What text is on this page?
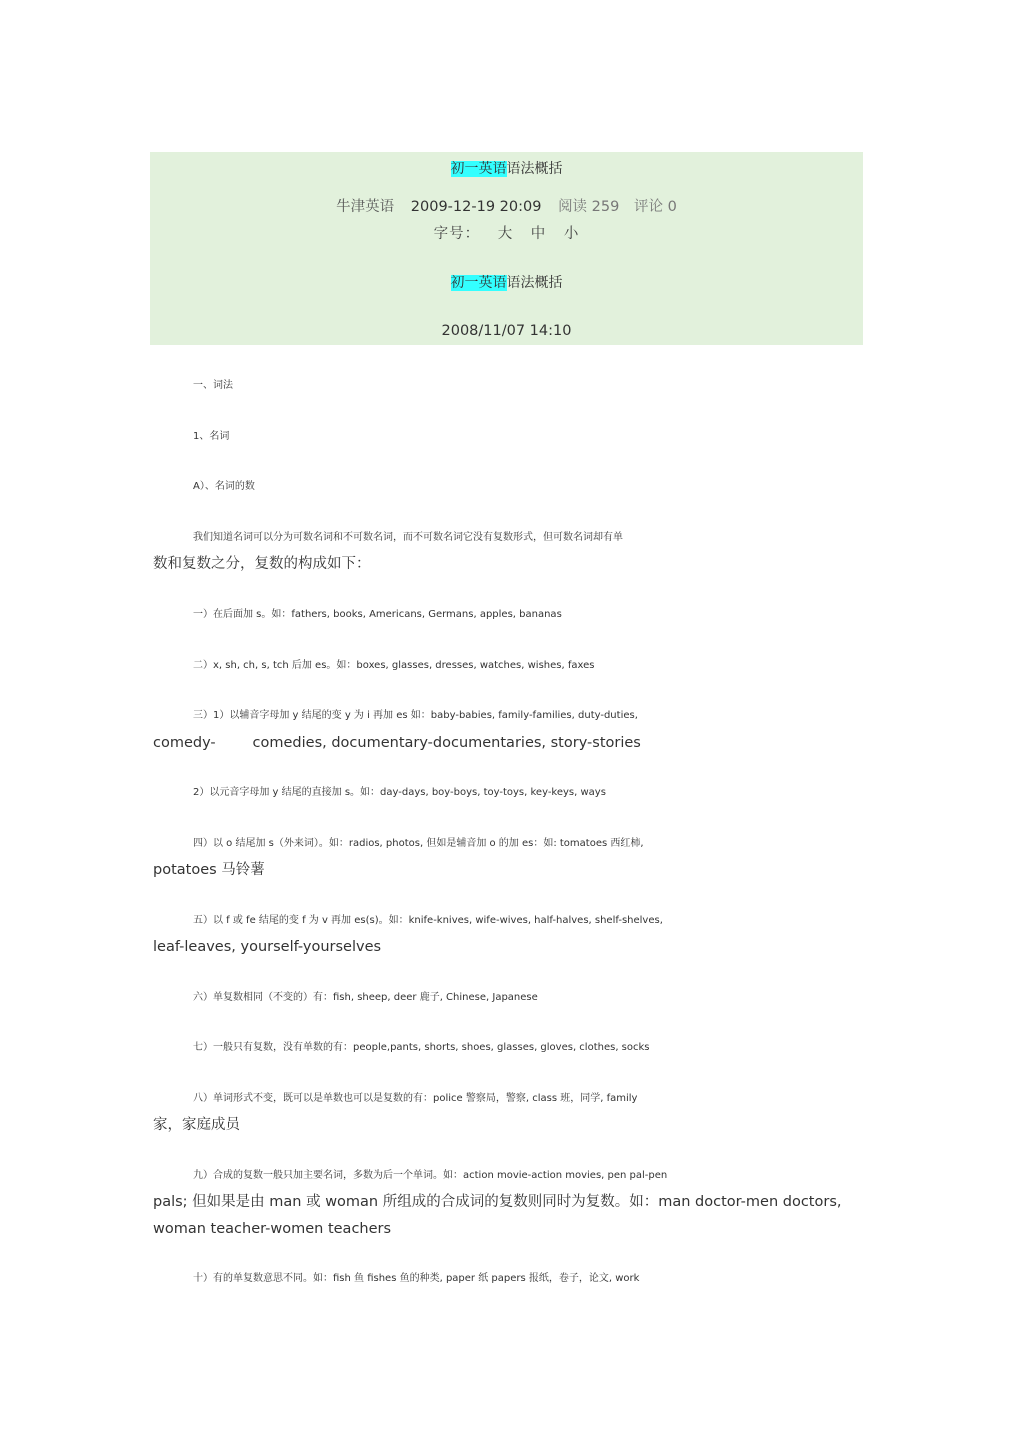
初一英语语法概括
牛津英语 2009-12-19 20:09 阅读 259 评论 0
字号： 大 中 小
初一英语语法概括
2008/11/07 14:10
一、词法
1、名词
A）、名词的数
我们知道名词可以分为可数名词和不可数名词，而不可数名词它没有复数形式，但可数名词却有单
数和复数之分，复数的构成如下：
一）在后面加 s。如：fathers, books, Americans, Germans, apples, bananas
二）x, sh, ch, s, tch 后加 es。如：boxes, glasses, dresses, watches, wishes, faxes
三）1）以辅音字母加 y 结尾的变 y 为 i 再加 es 如：baby-babies, family-families, duty-duties,
comedy-        comedies, documentary-documentaries, story-stories
2）以元音字母加 y 结尾的直接加 s。如：day-days, boy-boys, toy-toys, key-keys, ways
四）以 o 结尾加 s（外来词）。如：radios, photos, 但如是辅音加 o 的加 es：如: tomatoes 西红柿,
potatoes 马铃薯
五）以 f 或 fe 结尾的变 f 为 v 再加 es(s)。如：knife-knives, wife-wives, half-halves, shelf-shelves,
leaf-leaves, yourself-yourselves
六）单复数相同（不变的）有：fish, sheep, deer 鹿子, Chinese, Japanese
七）一般只有复数，没有单数的有：people,pants, shorts, shoes, glasses, gloves, clothes, socks
八）单词形式不变，既可以是单数也可以是复数的有：police 警察局，警察, class 班，同学, family
家，家庭成员
九）合成的复数一般只加主要名词，多数为后一个单词。如：action movie-action movies, pen pal-pen
pals; 但如果是由 man 或 woman 所组成的合成词的复数则同时为复数。如：man doctor-men doctors,
woman teacher-women teachers
十）有的单复数意思不同。如：fish 鱼 fishes 鱼的种类, paper 纸 papers 报纸，卷子，论文, work
